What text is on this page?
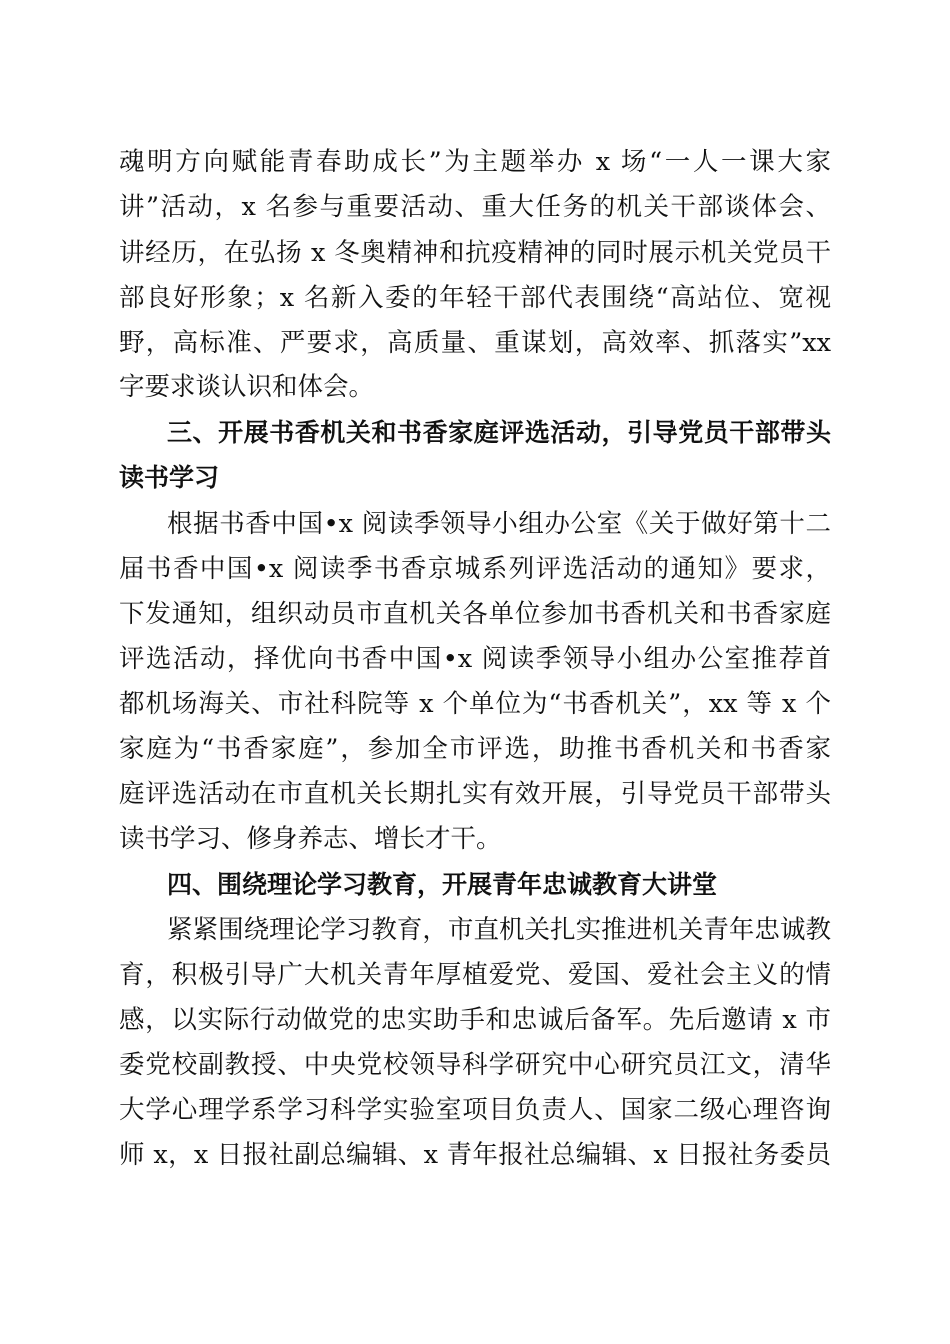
魂明方向赋能青春助成长”为主题举办 x 场“一人一课大家
讲”活动，x 名参与重要活动、重大任务的机关干部谈体会、
讲经历，在弘扬 x 冬奥精神和抗疫精神的同时展示机关党员干
部良好形象；x 名新入委的年轻干部代表围绕“高站位、宽视
野，高标准、严要求，高质量、重谋划，高效率、抓落实”xx
字要求谈认识和体会。
三、开展书香机关和书香家庭评选活动，引导党员干部带头
读书学习
根据书香中国•x 阅读季领导小组办公室《关于做好第十二
届书香中国•x 阅读季书香京城系列评选活动的通知》要求，
下发通知，组织动员市直机关各单位参加书香机关和书香家庭
评选活动，择优向书香中国•x 阅读季领导小组办公室推荐首
都机场海关、市社科院等 x 个单位为“书香机关”，xx 等 x 个
家庭为“书香家庭”，参加全市评选，助推书香机关和书香家
庭评选活动在市直机关长期扎实有效开展，引导党员干部带头
读书学习、修身养志、增长才干。
四、围绕理论学习教育，开展青年忠诚教育大讲堂
紧紧围绕理论学习教育，市直机关扎实推进机关青年忠诚教
育，积极引导广大机关青年厚植爱党、爱国、爱社会主义的情
感，以实际行动做党的忠实助手和忠诚后备军。先后邀请 x 市
委党校副教授、中央党校领导科学研究中心研究员江文，清华
大学心理学系学习科学实验室项目负责人、国家二级心理咨询
师 x，x 日报社副总编辑、x 青年报社总编辑、x 日报社务委员
